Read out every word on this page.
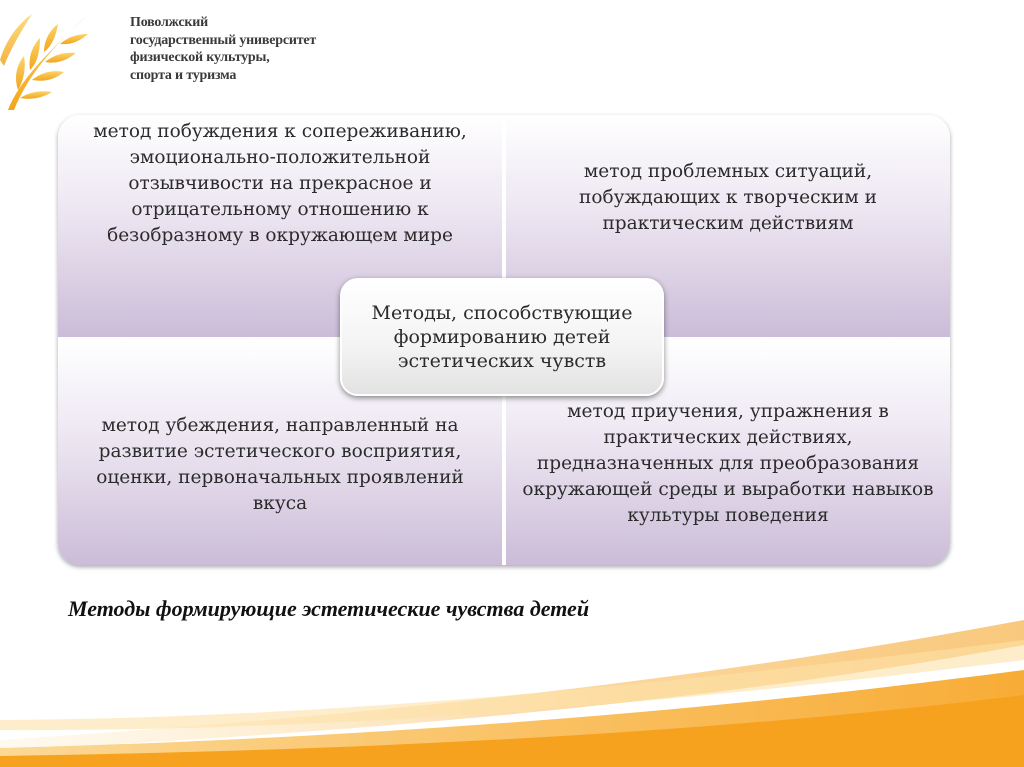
Поволжский
государственный университет
физической культуры,
спорта и туризма
метод побуждения к сопереживанию, эмоционально-положительной отзывчивости на прекрасное и отрицательному отношению к безобразному в окружающем мире
метод проблемных ситуаций, побуждающих к творческим и практическим действиям
метод убеждения, направленный на развитие эстетического восприятия, оценки, первоначальных проявлений вкуса
метод приучения, упражнения в практических действиях, предназначенных для преобразования окружающей среды и выработки навыков культуры поведения
Методы, способствующие формированию детей эстетических чувств
Методы формирующие эстетические чувства детей
